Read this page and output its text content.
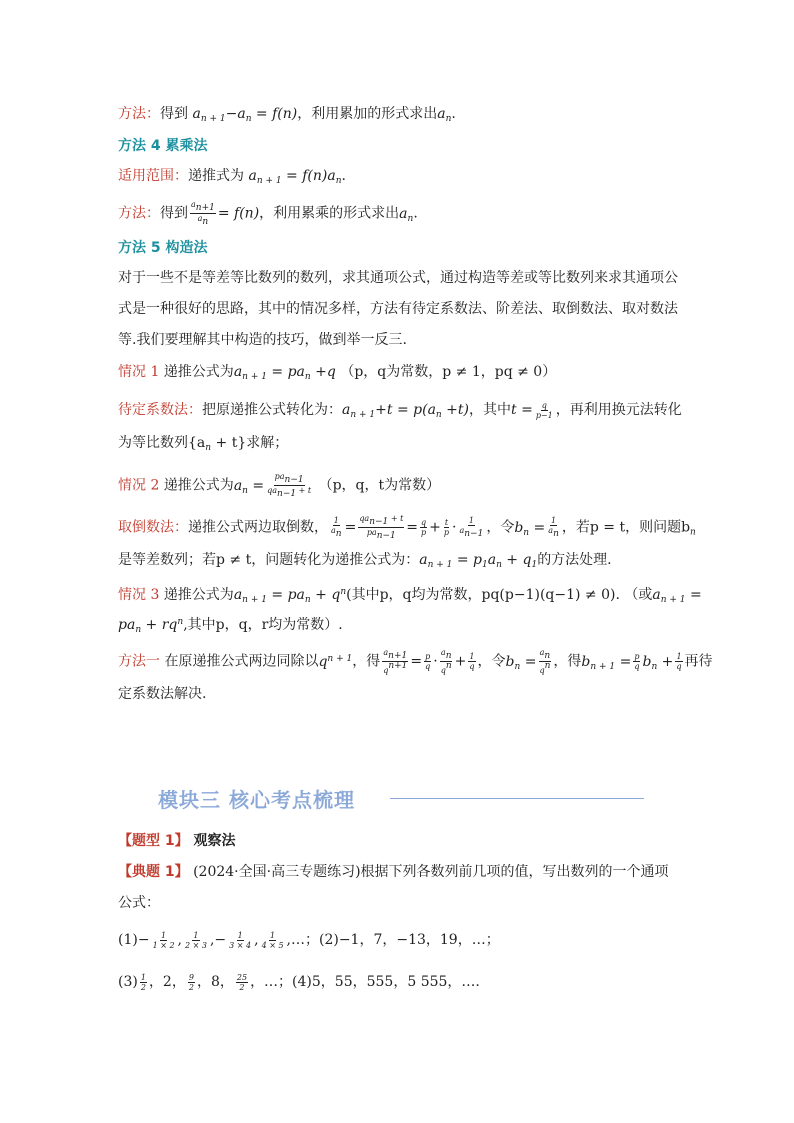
方法：得到 $a_{n + 1}-a_n = f(n)$，利用累加的形式求出$a_n$.
方法 4 累乘法
适用范围：递推式为 $a_{n + 1} = f(n)a_n$.
方法：得到 $\frac{a_{n+1}}{a_n} = f(n)$，利用累乘的形式求出$a_n$.
方法 5 构造法
对于一些不是等差等比数列的数列，求其通项公式，通过构造等差或等比数列来求其通项公
式是一种很好的思路，其中的情况多样，方法有待定系数法、阶差法、取倒数法、取对数法
等.我们要理解其中构造的技巧，做到举一反三.
情况 1 递推公式为$a_{n + 1} = pa_n +q$ （p，q为常数，p ≠ 1，pq ≠ 0）
待定系数法：把原递推公式转化为：$a_{n + 1}+t = p(a_n +t)$，其中$t = \frac{q}{p-1}$ ，再利用换元法转化
为等比数列$\{a_n + t\}$求解；
情况 2 递推公式为$a_n = \frac{pa_{n-1}}{qa_{n-1} + t} (p$，q，t为常数）
取倒数法：递推公式两边取倒数， $\frac{1}{a_n} = \frac{qa_{n-1} + t}{pa_{n-1}} = \frac{q}{p} + \frac{t}{p} \cdot \frac{1}{a_{n-1}}$ ，令$b_n = \frac{1}{a_n}$ ，若p = t，则问题$b_n$
是等差数列；若p ≠ t，问题转化为递推公式为：$a_{n + 1} = p_1a_n + q_1$的方法处理.
情况 3 递推公式为$a_{n + 1} = pa_n + q^n$(其中p，q均为常数，pq(p−1)(q−1) ≠ 0). （或$a_{n + 1}$ =
$pa_n + rq^n$,其中p，q，r均为常数）.
方法一 在原递推公式两边同除以$q^{n + 1}$，得 $\frac{a_{n+1}}{q^{n+1}} = \frac{p}{q} \cdot \frac{a_n}{q^n} + \frac{1}{q}$ ，令$b_n = \frac{a_n}{q^n}$ ，得$b_{n + 1} = \frac{p}{q} b_n + \frac{1}{q}$ 再待
定系数法解决.
模块三 核心考点梳理
【题型 1】 观察法
【典题 1】 (2024·全国·高三专题练习)根据下列各数列前几项的值，写出数列的一个通项
公式：
$(1)- \frac{1}{1 \times 2}$ , $\frac{1}{2 \times 3}$ ,− $\frac{1}{3 \times 4}$ , $\frac{1}{4 \times 5}$ ,…；(2)−1，7，−13，19，…；
$(3) \frac{1}{2}$ ，2， $\frac{9}{2}$ ，8， $\frac{25}{2}$ ，…；(4)5，55，555，5 555，….
